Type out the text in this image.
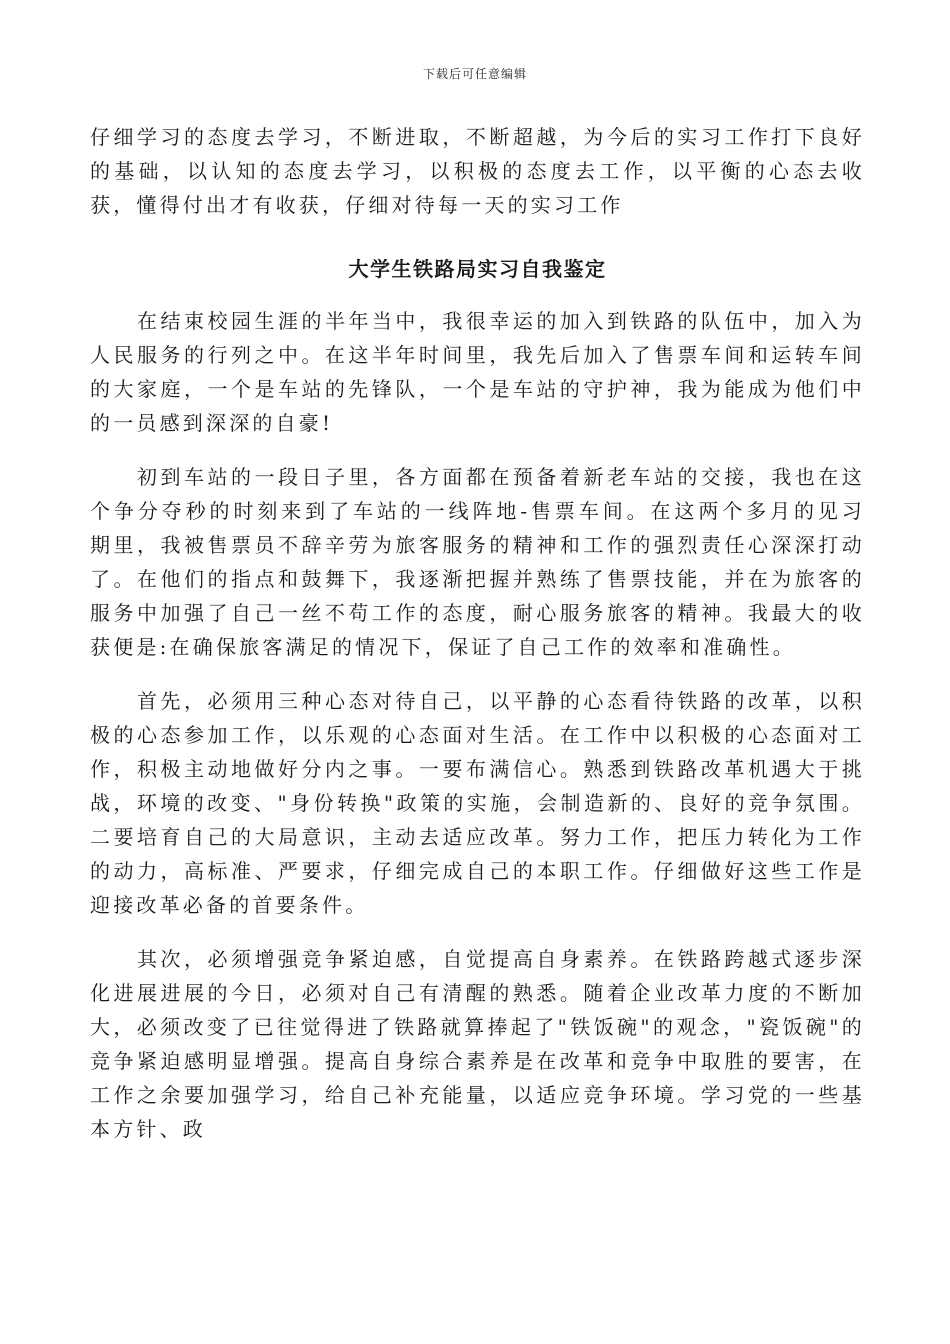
下载后可任意编辑

仔细学习的态度去学习，不断进取，不断超越，为今后的实习工作打下良好的基础，以认知的态度去学习，以积极的态度去工作，以平衡的心态去收获，懂得付出才有收获，仔细对待每一天的实习工作

大学生铁路局实习自我鉴定

在结束校园生涯的半年当中，我很幸运的加入到铁路的队伍中，加入为人民服务的行列之中。在这半年时间里，我先后加入了售票车间和运转车间的大家庭，一个是车站的先锋队，一个是车站的守护神，我为能成为他们中的一员感到深深的自豪!

初到车站的一段日子里，各方面都在预备着新老车站的交接，我也在这个争分夺秒的时刻来到了车站的一线阵地-售票车间。在这两个多月的见习期里，我被售票员不辞辛劳为旅客服务的精神和工作的强烈责任心深深打动了。在他们的指点和鼓舞下，我逐渐把握并熟练了售票技能，并在为旅客的服务中加强了自己一丝不苟工作的态度，耐心服务旅客的精神。我最大的收获便是:在确保旅客满足的情况下，保证了自己工作的效率和准确性。

首先，必须用三种心态对待自己，以平静的心态看待铁路的改革，以积极的心态参加工作，以乐观的心态面对生活。在工作中以积极的心态面对工作，积极主动地做好分内之事。一要布满信心。熟悉到铁路改革机遇大于挑战，环境的改变、"身份转换"政策的实施，会制造新的、良好的竞争氛围。二要培育自己的大局意识，主动去适应改革。努力工作，把压力转化为工作的动力，高标准、严要求，仔细完成自己的本职工作。仔细做好这些工作是迎接改革必备的首要条件。

其次，必须增强竞争紧迫感，自觉提高自身素养。在铁路跨越式逐步深化进展进展的今日，必须对自己有清醒的熟悉。随着企业改革力度的不断加大，必须改变了已往觉得进了铁路就算捧起了"铁饭碗"的观念，"瓷饭碗"的竞争紧迫感明显增强。提高自身综合素养是在改革和竞争中取胜的要害，在工作之余要加强学习，给自己补充能量，以适应竞争环境。学习党的一些基本方针、政
